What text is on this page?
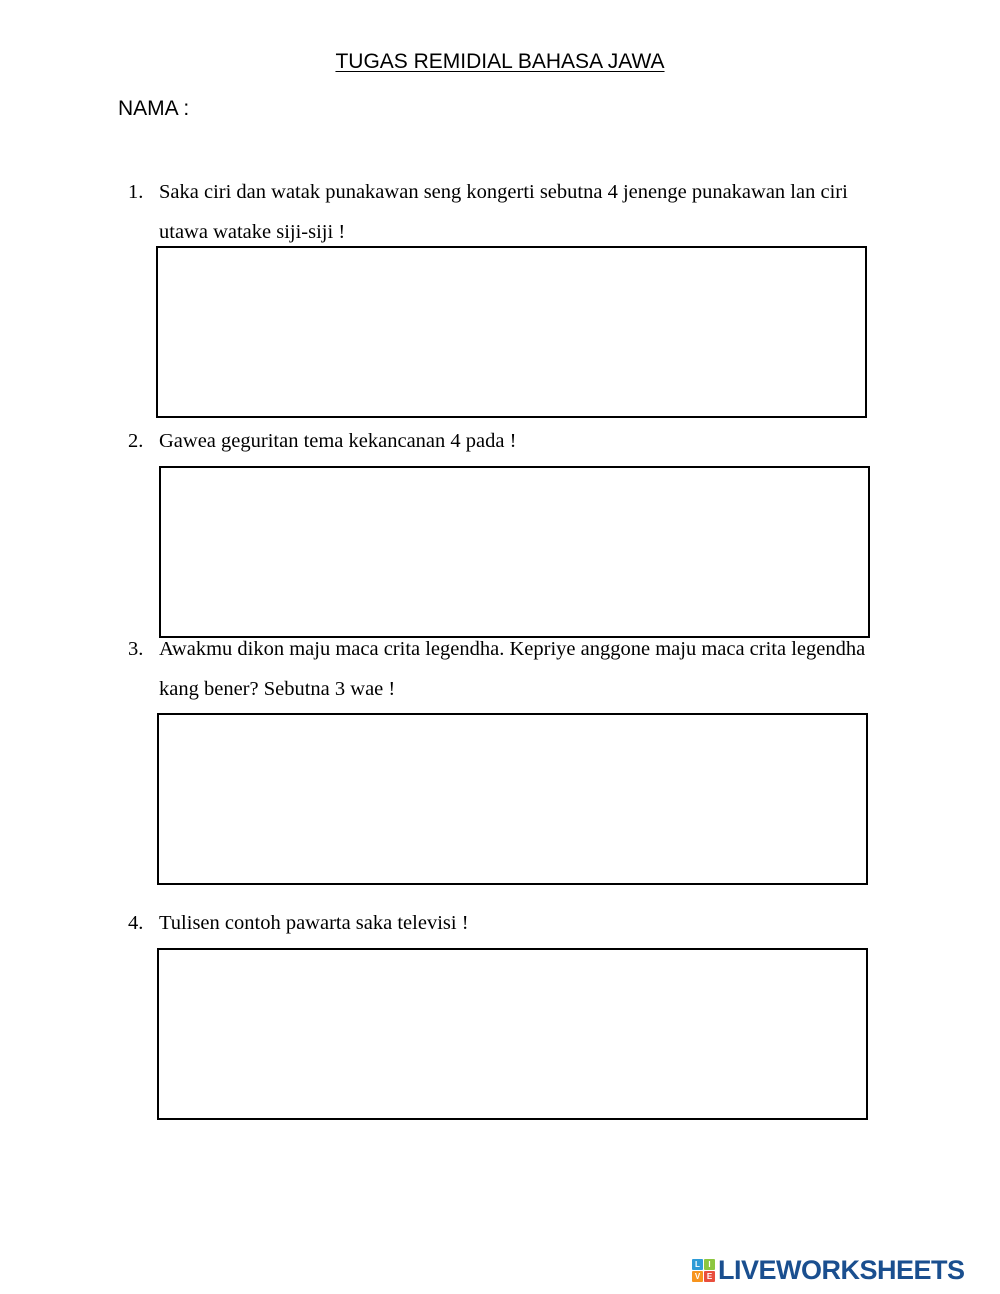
TUGAS REMIDIAL BAHASA JAWA
NAMA :
1. Saka ciri dan watak punakawan seng kongerti sebutna 4 jenenge punakawan lan ciri utawa watake siji-siji !
2. Gawea geguritan tema kekancanan 4 pada !
3. Awakmu dikon maju maca crita legendha. Kepriye anggone maju maca crita legendha kang bener? Sebutna 3 wae !
4. Tulisen contoh pawarta saka televisi !
L	I
V E LIVEWORKSHEETS
